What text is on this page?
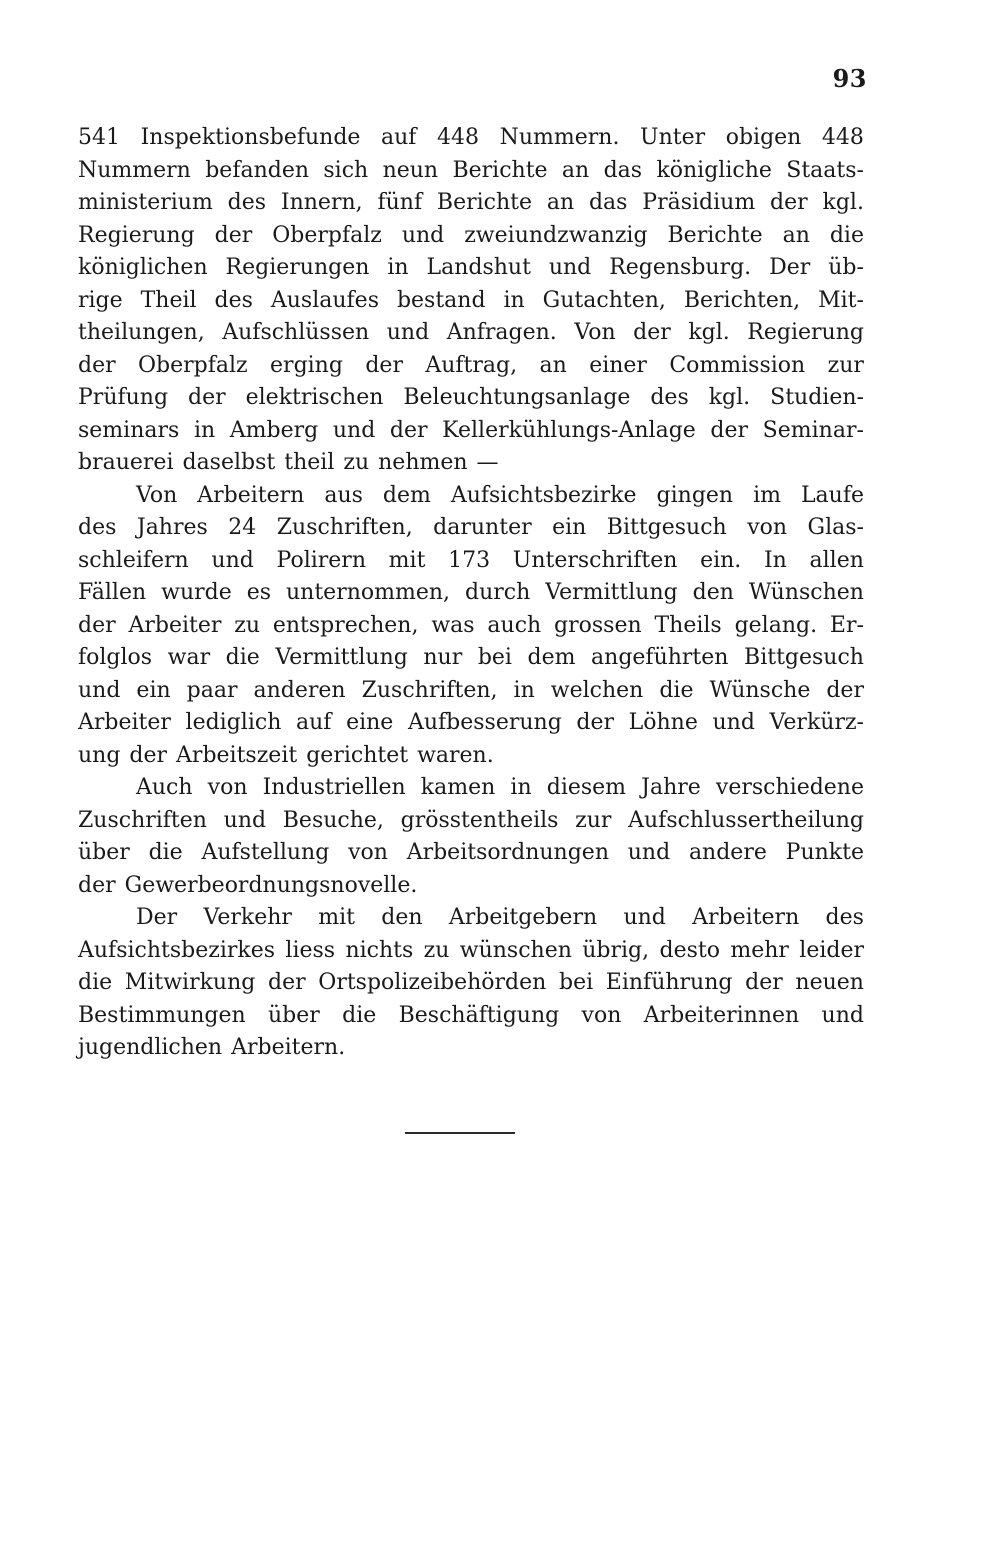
93
541 Inspektionsbefunde auf 448 Nummern. Unter obigen 448
Nummern befanden sich neun Berichte an das königliche Staats-
ministerium des Innern, fünf Berichte an das Präsidium der kgl.
Regierung der Oberpfalz und zweiundzwanzig Berichte an die
königlichen Regierungen in Landshut und Regensburg. Der üb-
rige Theil des Auslaufes bestand in Gutachten, Berichten, Mit-
theilungen, Aufschlüssen und Anfragen. Von der kgl. Regierung
der Oberpfalz erging der Auftrag, an einer Commission zur
Prüfung der elektrischen Beleuchtungsanlage des kgl. Studien-
seminars in Amberg und der Kellerkühlungs-Anlage der Seminar-
brauerei daselbst theil zu nehmen —
Von Arbeitern aus dem Aufsichtsbezirke gingen im Laufe
des Jahres 24 Zuschriften, darunter ein Bittgesuch von Glas-
schleifern und Polirern mit 173 Unterschriften ein. In allen
Fällen wurde es unternommen, durch Vermittlung den Wünschen
der Arbeiter zu entsprechen, was auch grossen Theils gelang. Er-
folglos war die Vermittlung nur bei dem angeführten Bittgesuch
und ein paar anderen Zuschriften, in welchen die Wünsche der
Arbeiter lediglich auf eine Aufbesserung der Löhne und Verkürz-
ung der Arbeitszeit gerichtet waren.
Auch von Industriellen kamen in diesem Jahre verschiedene
Zuschriften und Besuche, grösstentheils zur Aufschlussertheilung
über die Aufstellung von Arbeitsordnungen und andere Punkte
der Gewerbeordnungsnovelle.
Der Verkehr mit den Arbeitgebern und Arbeitern des
Aufsichtsbezirkes liess nichts zu wünschen übrig, desto mehr leider
die Mitwirkung der Ortspolizeibehörden bei Einführung der neuen
Bestimmungen über die Beschäftigung von Arbeiterinnen und
jugendlichen Arbeitern.
